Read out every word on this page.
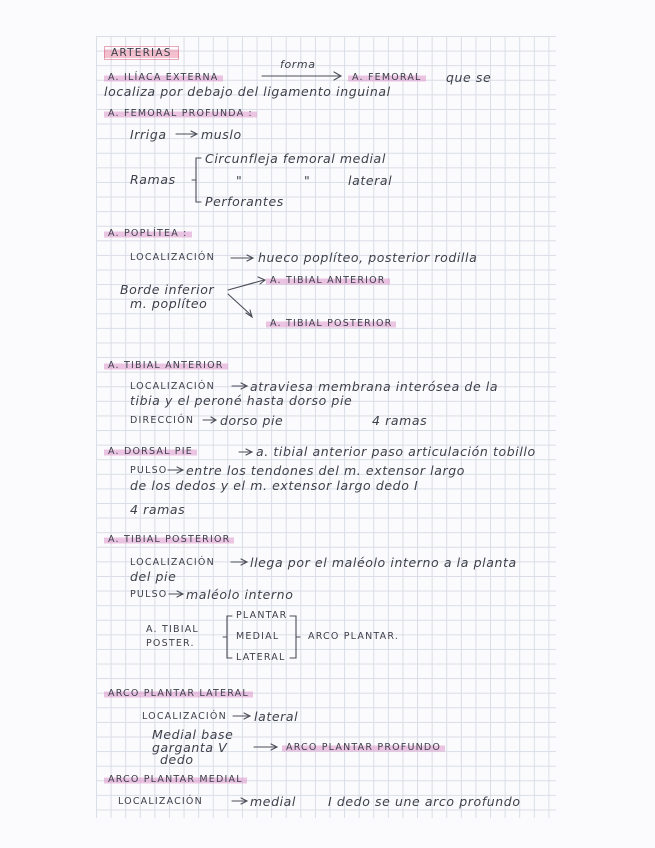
ARTERIAS
A. ILÍACA EXTERNA
forma
A. FEMORAL	que se
localiza por debajo del ligamento inguinal
A. FEMORAL PROFUNDA :
Irriga	muslo
Ramas
Circunfleja femoral medial
"	"	lateral
Perforantes
A. POPLÍTEA :
LOCALIZACIÓN	hueco poplíteo, posterior rodilla
Borde inferior
m. poplíteo
A. TIBIAL ANTERIOR
A. TIBIAL POSTERIOR
A. TIBIAL ANTERIOR
LOCALIZACIÓN	atraviesa membrana interósea de la
tibia y el peroné hasta dorso pie
DIRECCIÓN dorso pie	4 ramas
A. DORSAL PIE	a. tibial anterior paso articulación tobillo
PULSO entre los tendones del m. extensor largo
de los dedos y el m. extensor largo dedo I
4 ramas
A. TIBIAL POSTERIOR
LOCALIZACIÓN	llega por el maléolo interno a la planta
del pie
PULSO maléolo interno
A. TIBIAL
POSTER.
PLANTAR
MEDIAL
LATERAL
ARCO PLANTAR.
ARCO PLANTAR LATERAL
LOCALIZACIÓN lateral
Medial base
garganta V
dedo
ARCO PLANTAR PROFUNDO
ARCO PLANTAR MEDIAL
LOCALIZACIÓN	medial	I dedo se une arco profundo
